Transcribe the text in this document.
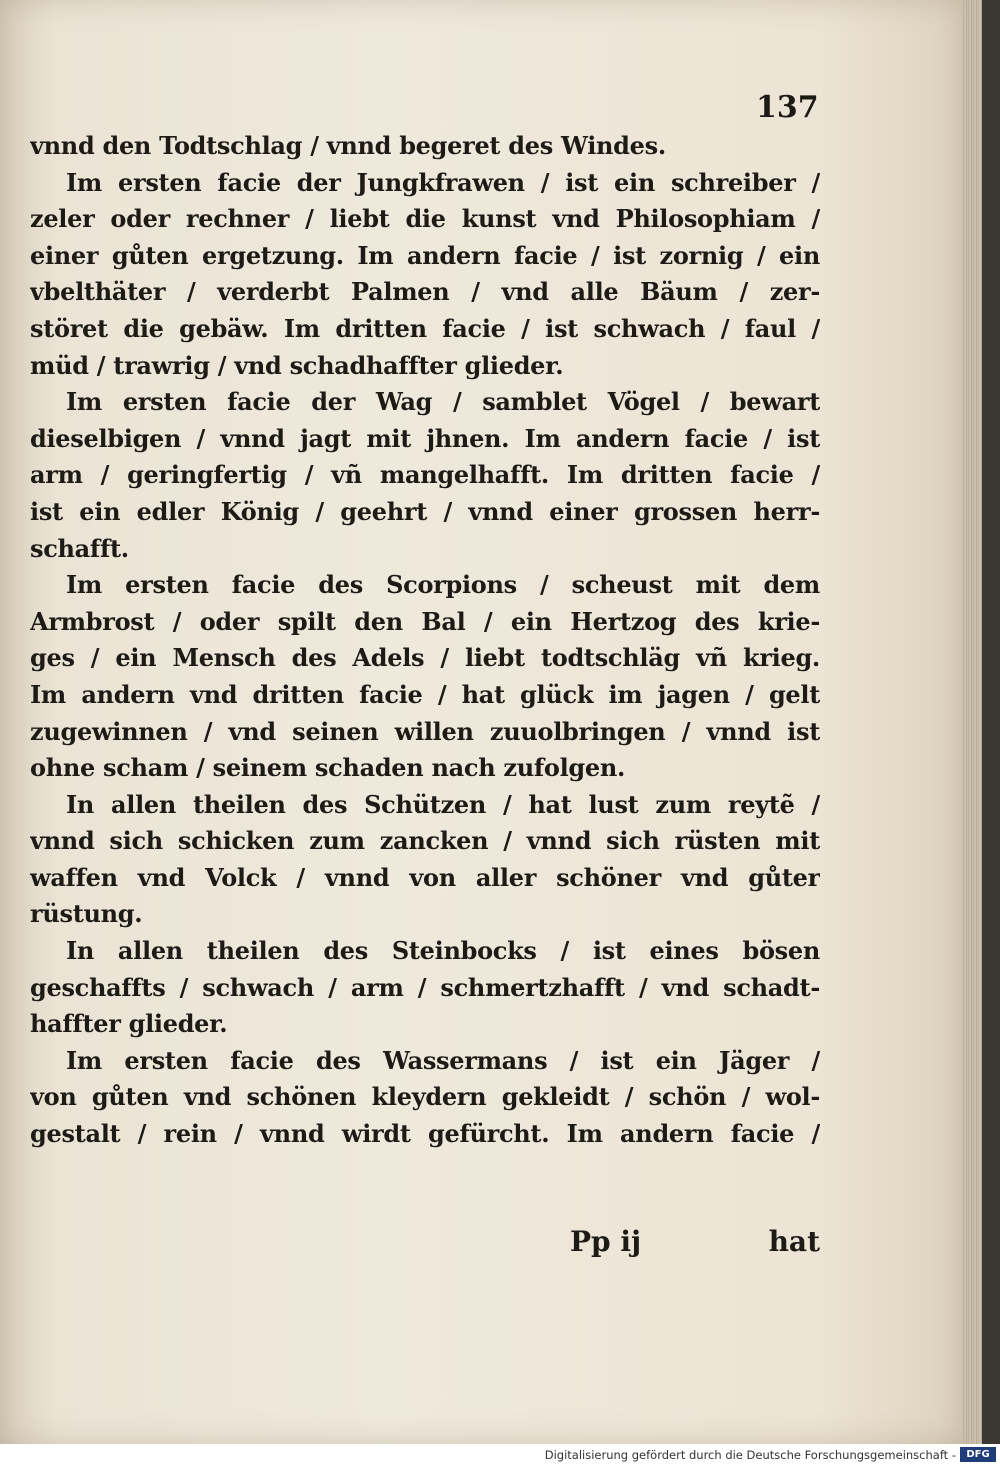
137
vnnd den Todtschlag / vnnd begeret des Windes.
Im ersten facie der Jungkfrawen / ist ein schreiber /
zeler oder rechner / liebt die kunst vnd Philosophiam /
einer gůten ergetzung. Im andern facie / ist zornig / ein
vbelthäter / verderbt Palmen / vnd alle Bäum / zer-
störet die gebäw. Im dritten facie / ist schwach / faul /
müd / trawrig / vnd schadhaffter glieder.
Im ersten facie der Wag / samblet Vögel / bewart
dieselbigen / vnnd jagt mit jhnen. Im andern facie / ist
arm / geringfertig / vñ mangelhafft. Im dritten facie /
ist ein edler König / geehrt / vnnd einer grossen herr-
schafft.
Im ersten facie des Scorpions / scheust mit dem
Armbrost / oder spilt den Bal / ein Hertzog des krie-
ges / ein Mensch des Adels / liebt todtschläg vñ krieg.
Im andern vnd dritten facie / hat glück im jagen / gelt
zugewinnen / vnd seinen willen zuuolbringen / vnnd ist
ohne scham / seinem schaden nach zufolgen.
In allen theilen des Schützen / hat lust zum reytẽ /
vnnd sich schicken zum zancken / vnnd sich rüsten mit
waffen vnd Volck / vnnd von aller schöner vnd gůter
rüstung.
In allen theilen des Steinbocks / ist eines bösen
geschaffts / schwach / arm / schmertzhafft / vnd schadt-
haffter glieder.
Im ersten facie des Wassermans / ist ein Jäger /
von gůten vnd schönen kleydern gekleidt / schön / wol-
gestalt / rein / vnnd wirdt gefürcht. Im andern facie /
Pp ij	hat
Digitalisierung gefördert durch die Deutsche Forschungsgemeinschaft -	DFG
